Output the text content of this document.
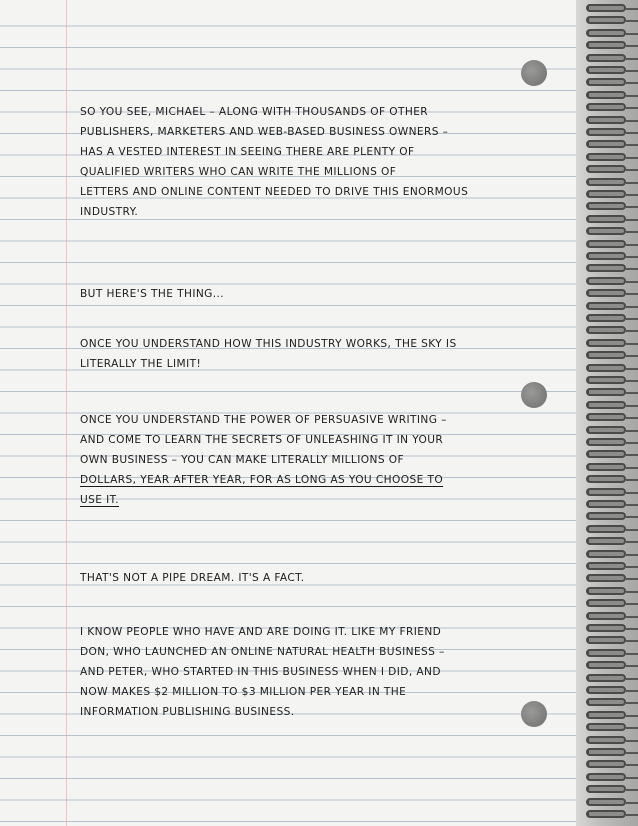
SO YOU SEE, MICHAEL – ALONG WITH THOUSANDS OF OTHER

PUBLISHERS, MARKETERS AND WEB-BASED BUSINESS OWNERS –

HAS A VESTED INTEREST IN SEEING THERE ARE PLENTY OF

QUALIFIED WRITERS WHO CAN WRITE THE MILLIONS OF

LETTERS AND ONLINE CONTENT NEEDED TO DRIVE THIS ENORMOUS

INDUSTRY.

BUT HERE'S THE THING...

ONCE YOU UNDERSTAND HOW THIS INDUSTRY WORKS, THE SKY IS

LITERALLY THE LIMIT!

ONCE YOU UNDERSTAND THE POWER OF PERSUASIVE WRITING –

AND COME TO LEARN THE SECRETS OF UNLEASHING IT IN YOUR

OWN BUSINESS – YOU CAN MAKE LITERALLY MILLIONS OF

DOLLARS, YEAR AFTER YEAR, FOR AS LONG AS YOU CHOOSE TO

USE IT.

THAT'S NOT A PIPE DREAM. IT'S A FACT.

I KNOW PEOPLE WHO HAVE AND ARE DOING IT. LIKE MY FRIEND

DON, WHO LAUNCHED AN ONLINE NATURAL HEALTH BUSINESS –

AND PETER, WHO STARTED IN THIS BUSINESS WHEN I DID, AND

NOW MAKES $2 MILLION TO $3 MILLION PER YEAR IN THE

INFORMATION PUBLISHING BUSINESS.
